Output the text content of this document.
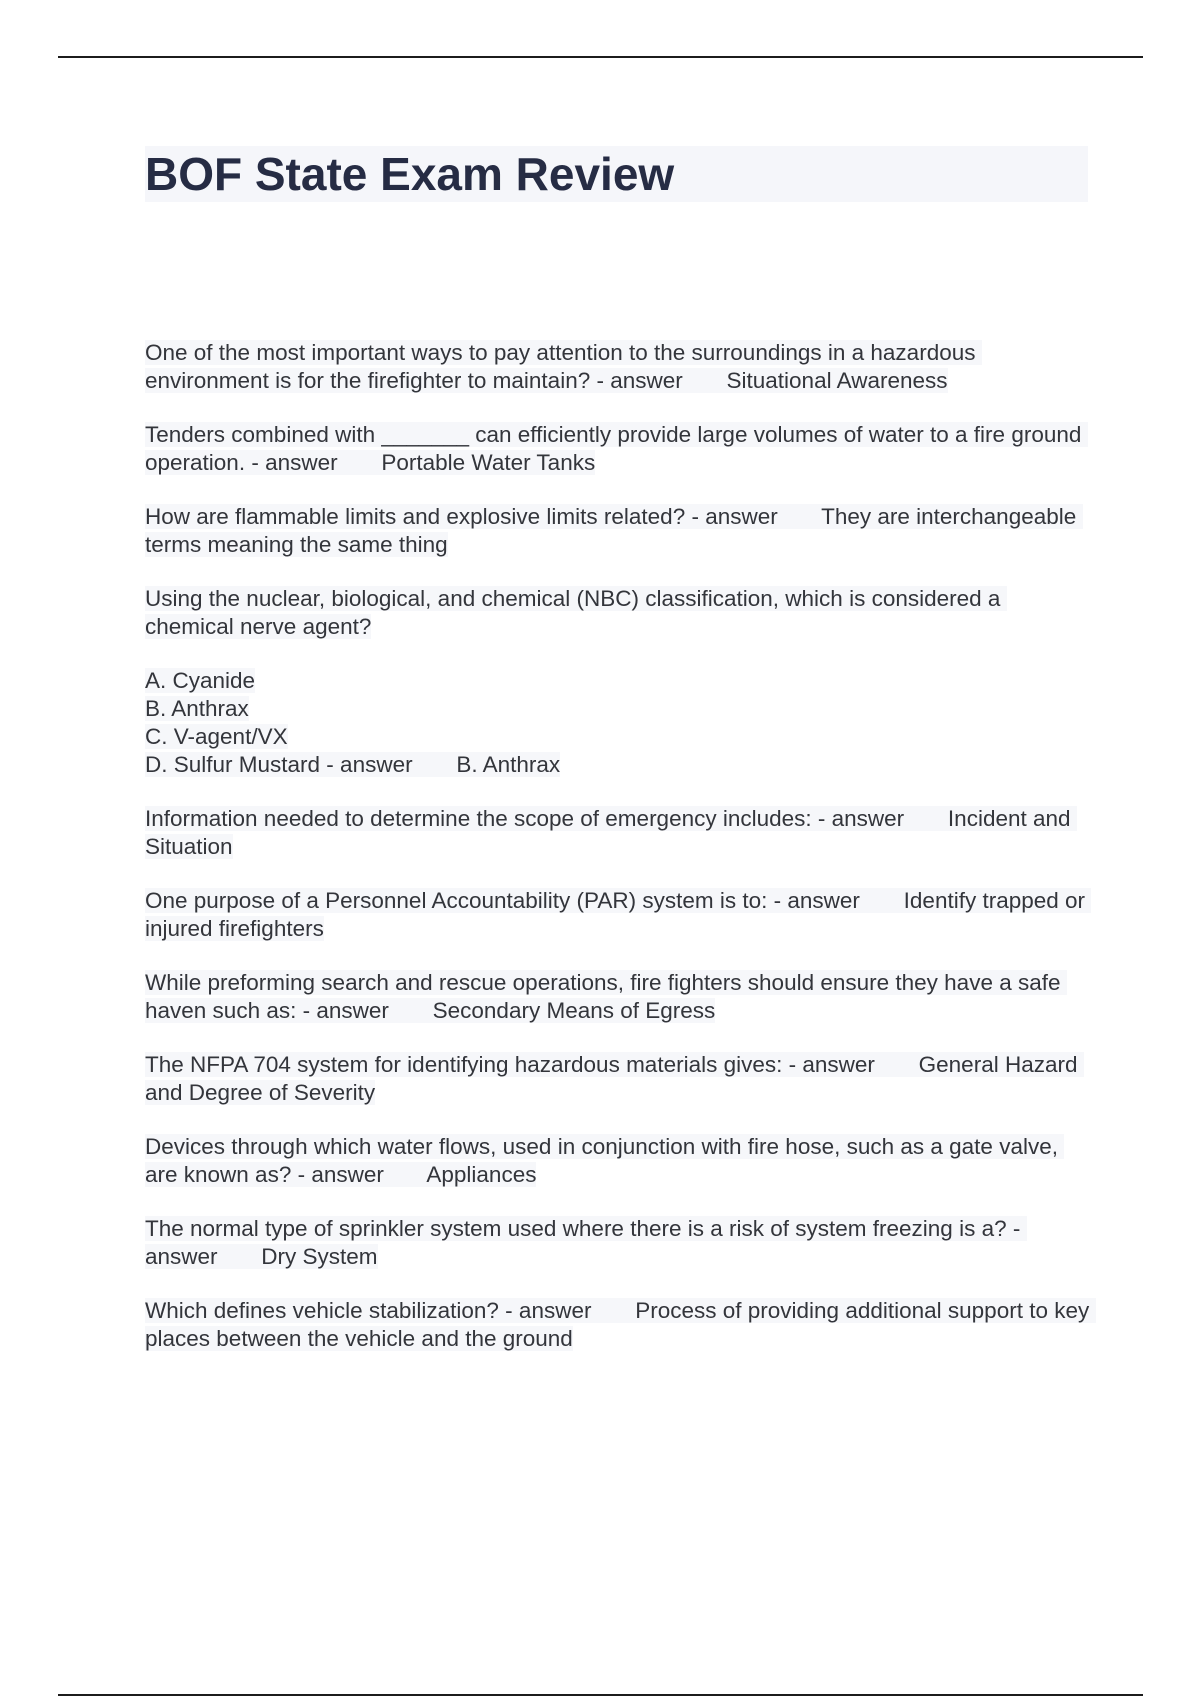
BOF State Exam Review

One of the most important ways to pay attention to the surroundings in a hazardous environment is for the firefighter to maintain? - answer       Situational Awareness

Tenders combined with _______ can efficiently provide large volumes of water to a fire ground operation. - answer       Portable Water Tanks

How are flammable limits and explosive limits related? - answer       They are interchangeable terms meaning the same thing

Using the nuclear, biological, and chemical (NBC) classification, which is considered a chemical nerve agent?

A. Cyanide
B. Anthrax
C. V-agent/VX
D. Sulfur Mustard - answer       B. Anthrax

Information needed to determine the scope of emergency includes: - answer       Incident and Situation

One purpose of a Personnel Accountability (PAR) system is to: - answer       Identify trapped or injured firefighters

While preforming search and rescue operations, fire fighters should ensure they have a safe haven such as: - answer       Secondary Means of Egress

The NFPA 704 system for identifying hazardous materials gives: - answer       General Hazard and Degree of Severity

Devices through which water flows, used in conjunction with fire hose, such as a gate valve, are known as? - answer       Appliances

The normal type of sprinkler system used where there is a risk of system freezing is a? - answer       Dry System

Which defines vehicle stabilization? - answer       Process of providing additional support to key places between the vehicle and the ground
